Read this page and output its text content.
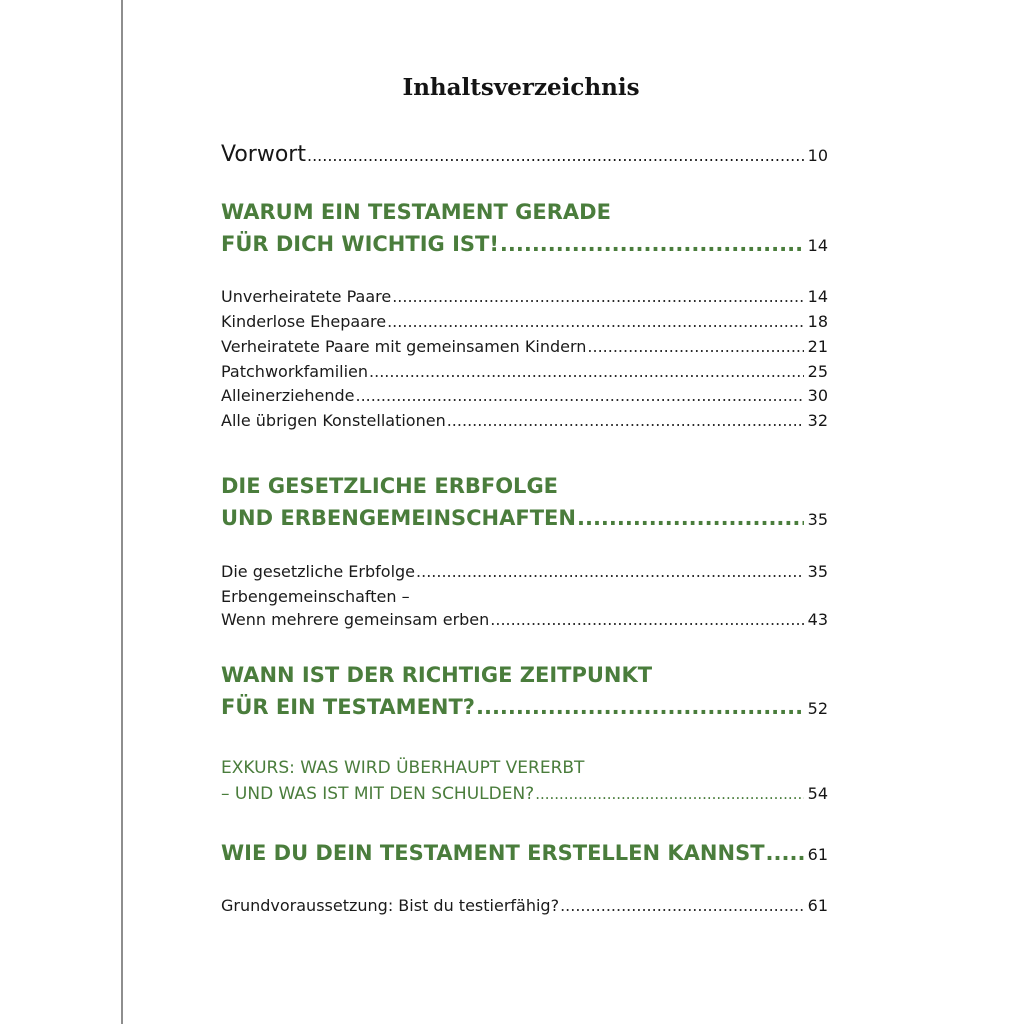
Inhaltsverzeichnis
Vorwort .....	10
WARUM EIN TESTAMENT GERADE
FÜR DICH WICHTIG IST! .....	14
Unverheiratete Paare .....	14
Kinderlose Ehepaare .....	18
Verheiratete Paare mit gemeinsamen Kindern .....	21
Patchworkfamilien .....	25
Alleinerziehende .....	30
Alle übrigen Konstellationen .....	32
DIE GESETZLICHE ERBFOLGE
UND ERBENGEMEINSCHAFTEN .....	35
Die gesetzliche Erbfolge .....	35
Erbengemeinschaften –
Wenn mehrere gemeinsam erben .....	43
WANN IST DER RICHTIGE ZEITPUNKT
FÜR EIN TESTAMENT? .....	52
EXKURS: WAS WIRD ÜBERHAUPT VERERBT
– UND WAS IST MIT DEN SCHULDEN? .....	54
WIE DU DEIN TESTAMENT ERSTELLEN KANNST .....	61
Grundvoraussetzung: Bist du testierfähig? .....	61
